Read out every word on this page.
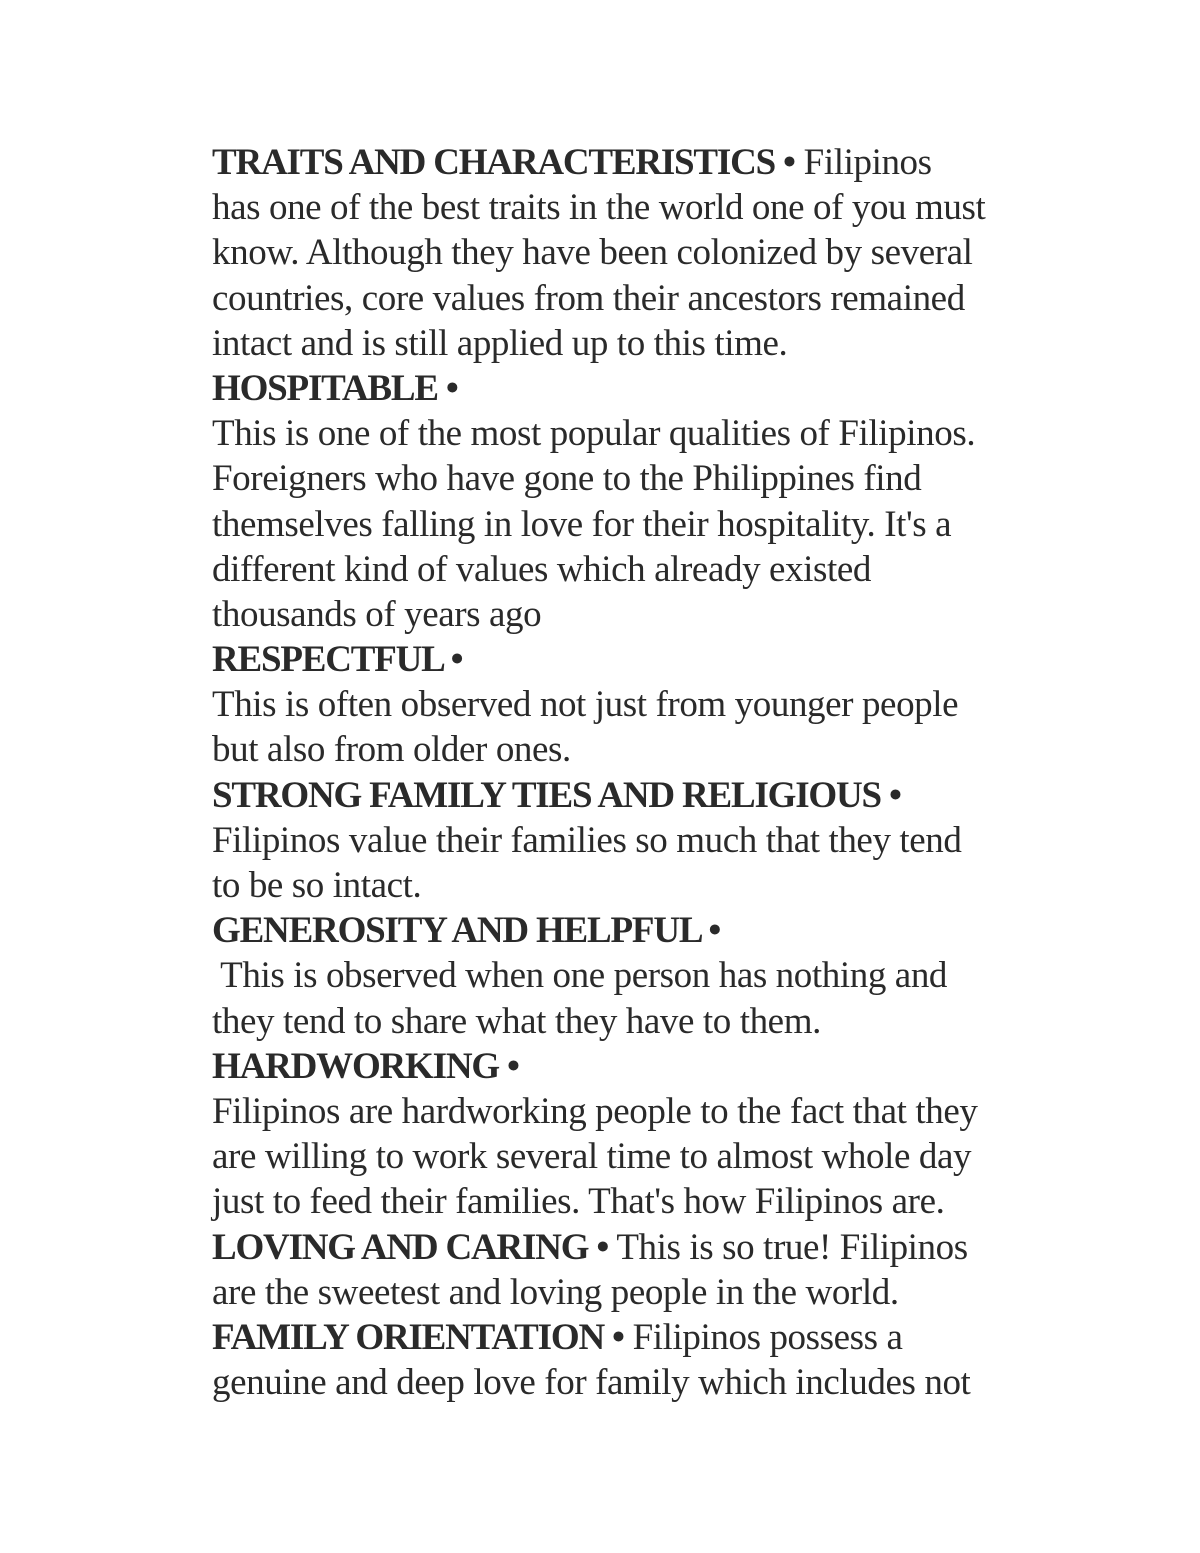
TRAITS AND CHARACTERISTICS • Filipinos
has one of the best traits in the world one of you must
know. Although they have been colonized by several
countries, core values from their ancestors remained
intact and is still applied up to this time.
HOSPITABLE •
This is one of the most popular qualities of Filipinos.
Foreigners who have gone to the Philippines find
themselves falling in love for their hospitality. It's a
different kind of values which already existed
thousands of years ago
RESPECTFUL •
This is often observed not just from younger people
but also from older ones.
STRONG FAMILY TIES AND RELIGIOUS •
Filipinos value their families so much that they tend
to be so intact.
GENEROSITY AND HELPFUL •
This is observed when one person has nothing and
they tend to share what they have to them.
HARDWORKING •
Filipinos are hardworking people to the fact that they
are willing to work several time to almost whole day
just to feed their families. That's how Filipinos are.
LOVING AND CARING • This is so true! Filipinos
are the sweetest and loving people in the world.
FAMILY ORIENTATION • Filipinos possess a
genuine and deep love for family which includes not
